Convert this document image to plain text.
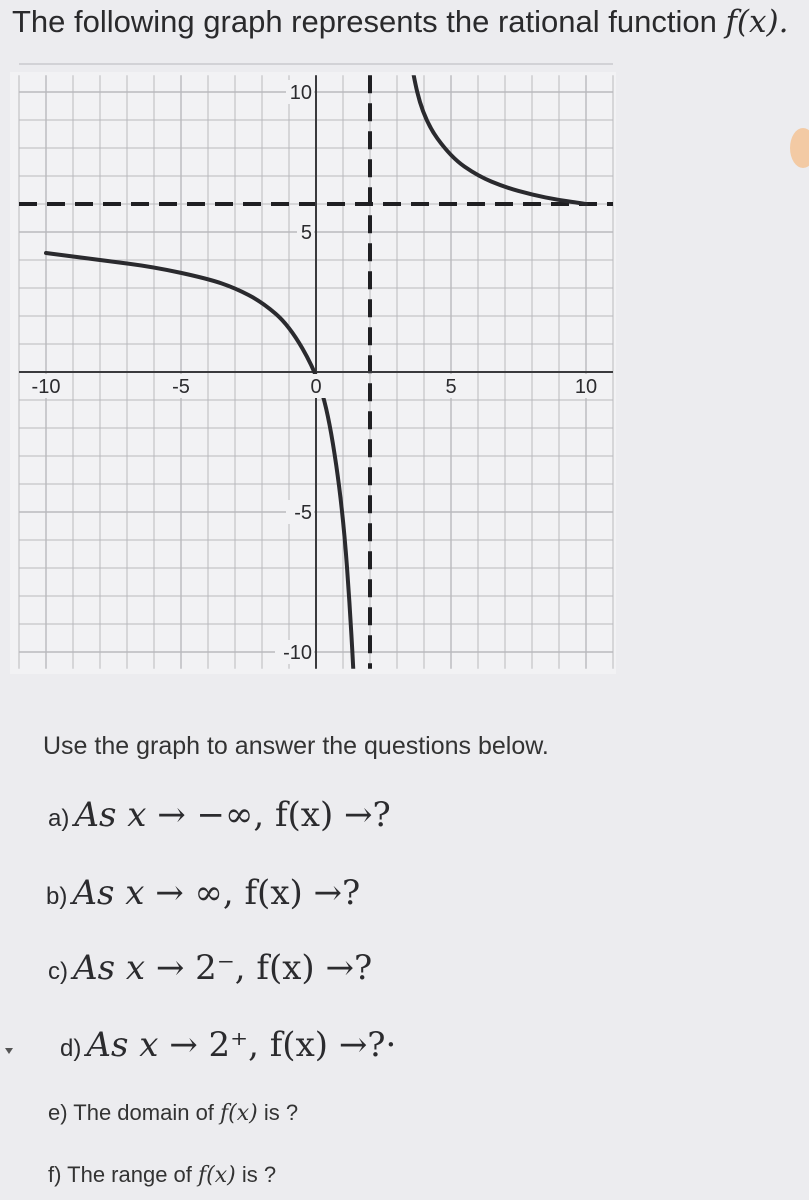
The following graph represents the rational function f(x).
-10	-5	0	5	10
10
5
-5
-10
Use the graph to answer the questions below.
a) As x → −∞, f(x) →?
b) As x → ∞, f(x) →?
c) As x → 2⁻, f(x) →?
d) As x → 2⁺, f(x) →?·
e) The domain of f(x) is ?
f) The range of f(x) is ?
